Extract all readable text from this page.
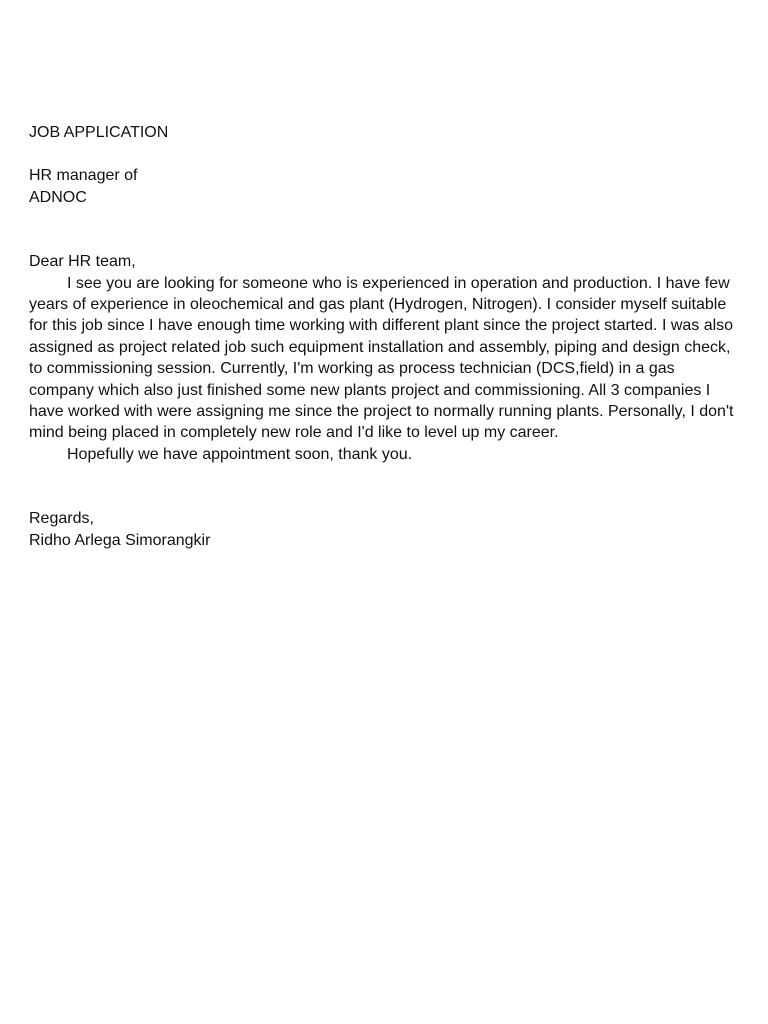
JOB APPLICATION

HR manager of

ADNOC

Dear HR team,

I see you are looking for someone who is experienced in operation and production. I have few years of experience in oleochemical and gas plant (Hydrogen, Nitrogen). I consider myself suitable for this job since I have enough time working with different plant since the project started. I was also assigned as project related job such equipment installation and assembly, piping and design check, to commissioning session. Currently, I'm working as process technician (DCS,field) in a gas company which also just finished some new plants project and commissioning. All 3 companies I have worked with were assigning me since the project to normally running plants. Personally, I don't mind being placed in completely new role and I'd like to level up my career.

Hopefully we have appointment soon, thank you.

Regards,

Ridho Arlega Simorangkir
